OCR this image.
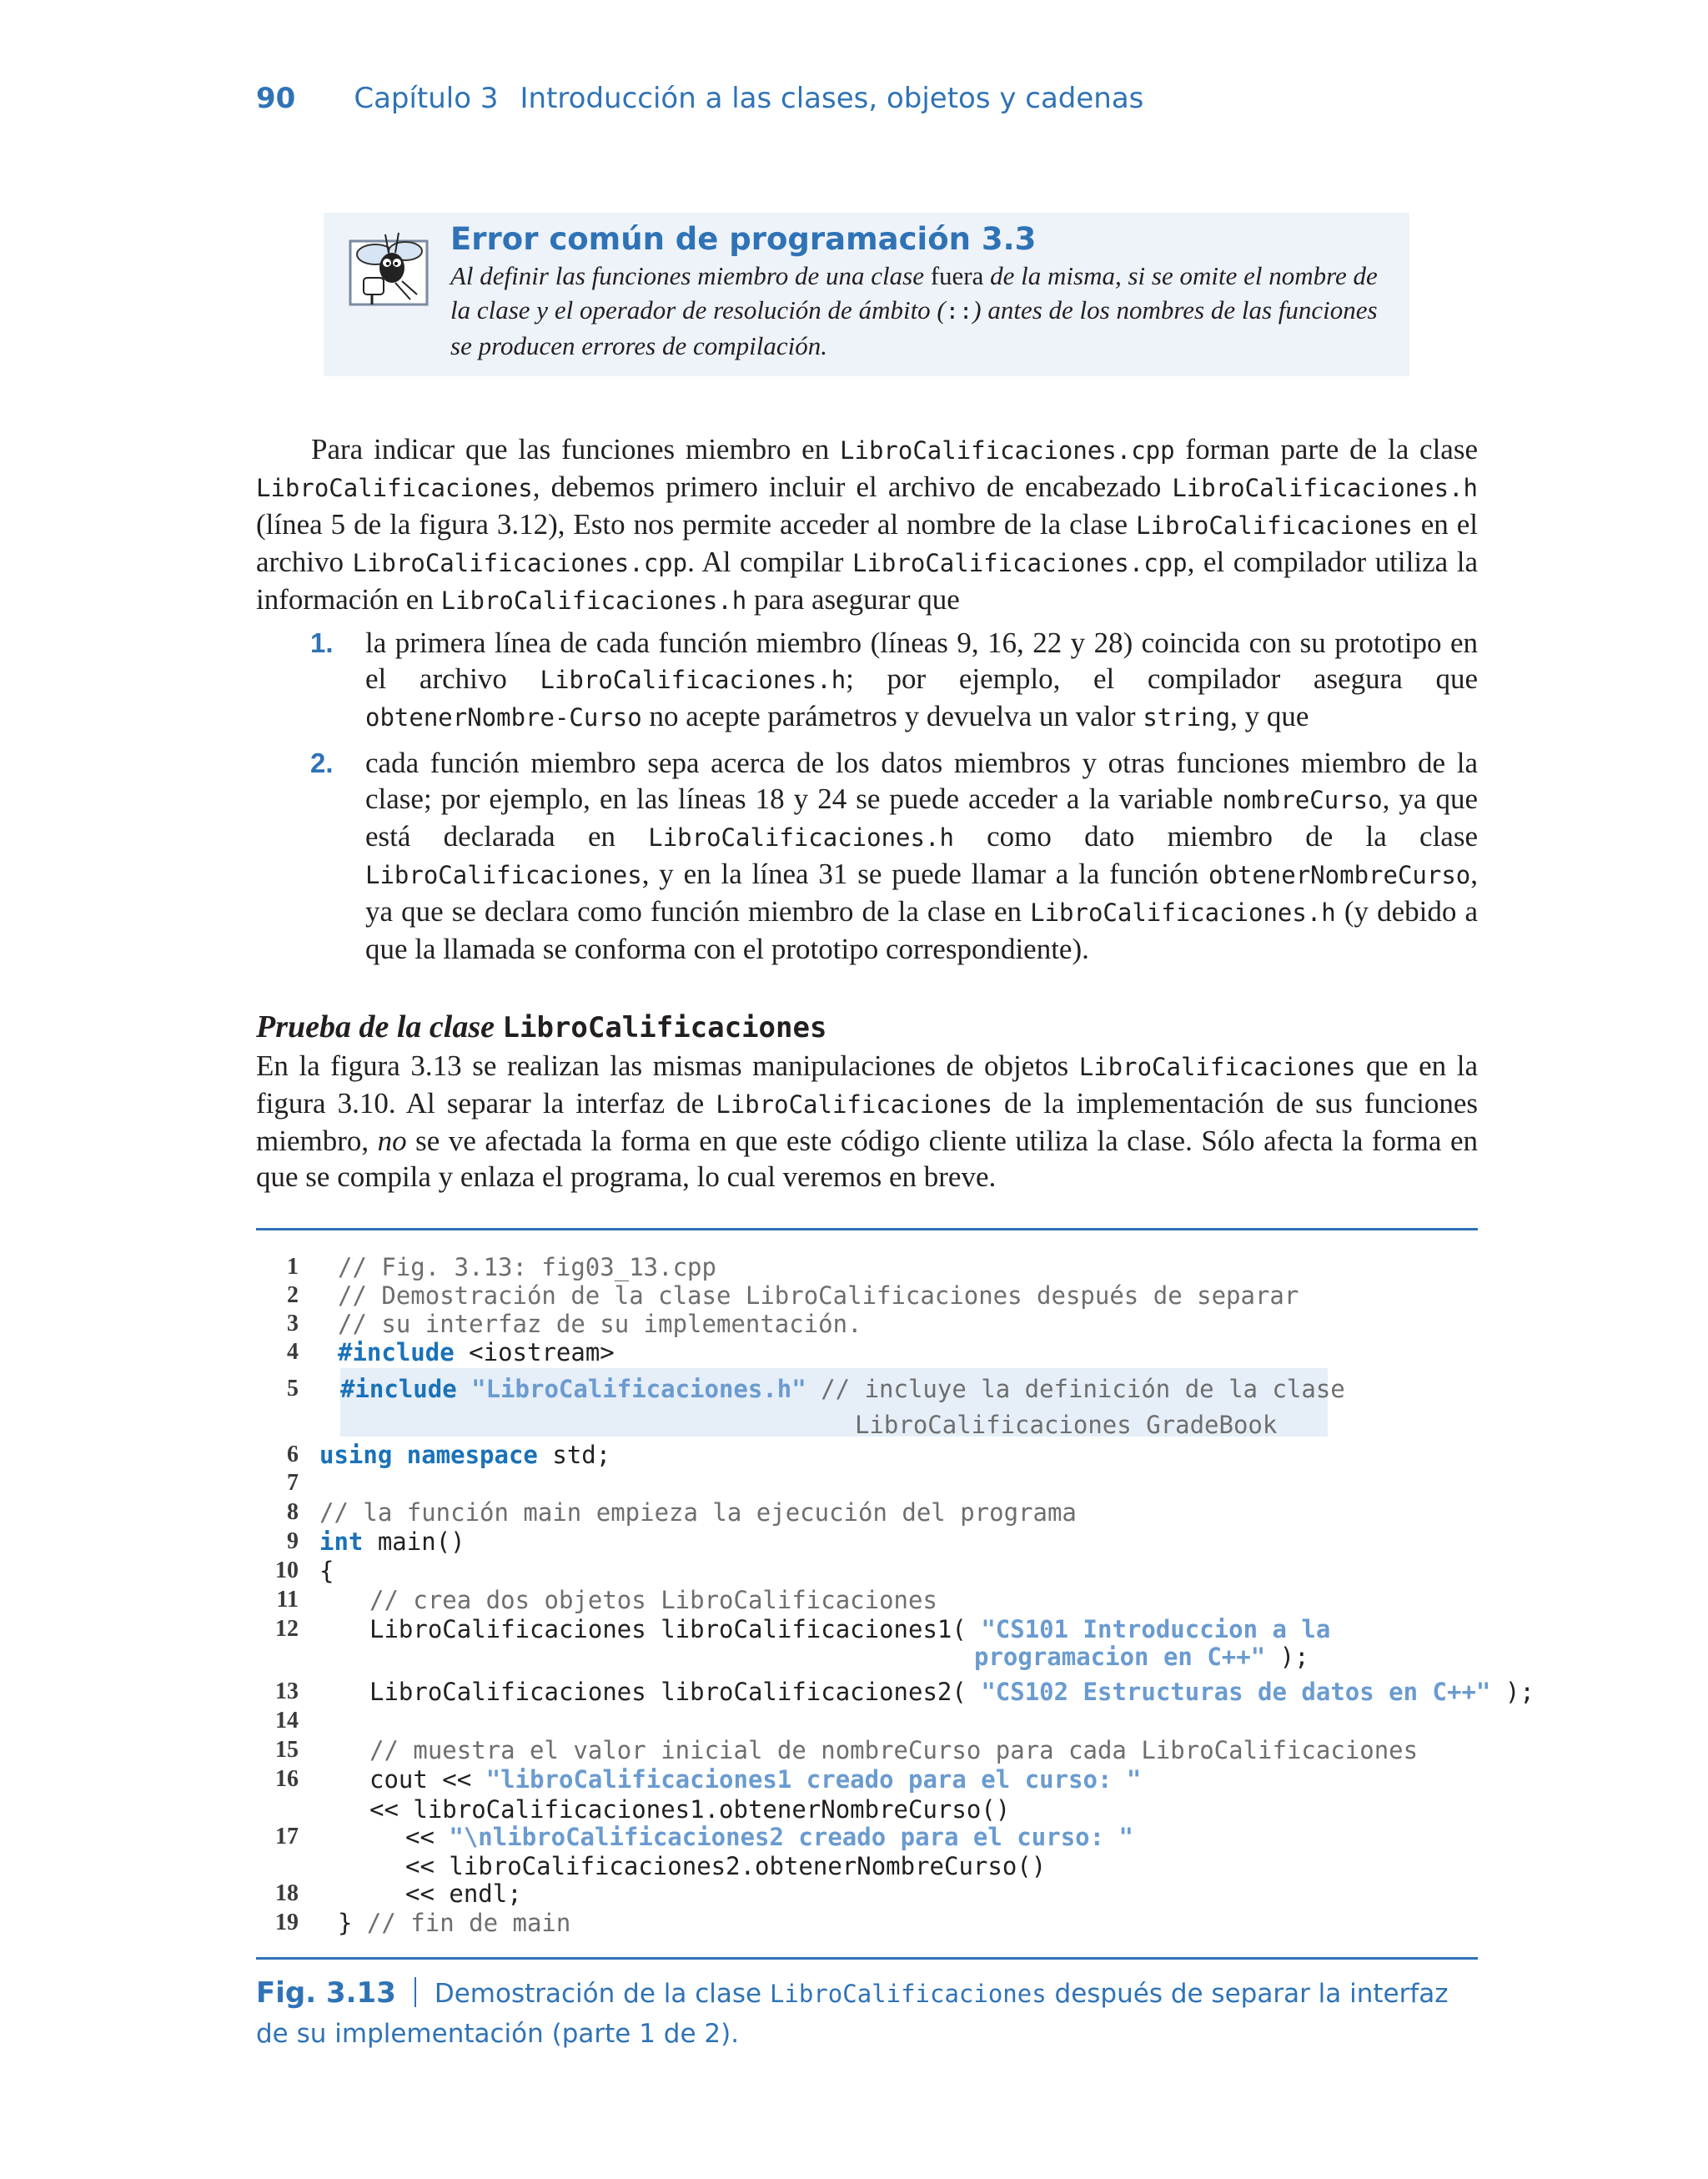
90 Capítulo 3 Introducción a las clases, objetos y cadenas
Error común de programación 3.3
Al definir las funciones miembro de una clase fuera de la misma, si se omite el nombre de la clase y el operador de resolución de ámbito (::) antes de los nombres de las funciones se producen errores de compilación.
Para indicar que las funciones miembro en LibroCalificaciones.cpp forman parte de la clase LibroCalificaciones, debemos primero incluir el archivo de encabezado LibroCalificaciones.h (línea 5 de la figura 3.12), Esto nos permite acceder al nombre de la clase LibroCalificaciones en el archivo LibroCalificaciones.cpp. Al compilar LibroCalificaciones.cpp, el compilador utiliza la información en LibroCalificaciones.h para asegurar que
1. la primera línea de cada función miembro (líneas 9, 16, 22 y 28) coincida con su prototipo en el archivo LibroCalificaciones.h; por ejemplo, el compilador asegura que obtenerNombre-Curso no acepte parámetros y devuelva un valor string, y que
2. cada función miembro sepa acerca de los datos miembros y otras funciones miembro de la clase; por ejemplo, en las líneas 18 y 24 se puede acceder a la variable nombreCurso, ya que está declarada en LibroCalificaciones.h como dato miembro de la clase LibroCalificaciones, y en la línea 31 se puede llamar a la función obtenerNombreCurso, ya que se declara como función miembro de la clase en LibroCalificaciones.h (y debido a que la llamada se conforma con el prototipo correspondiente).
Prueba de la clase LibroCalificaciones
En la figura 3.13 se realizan las mismas manipulaciones de objetos LibroCalificaciones que en la figura 3.10. Al separar la interfaz de LibroCalificaciones de la implementación de sus funciones miembro, no se ve afectada la forma en que este código cliente utiliza la clase. Sólo afecta la forma en que se compila y enlaza el programa, lo cual veremos en breve.
1 // Fig. 3.13: fig03_13.cpp
2 // Demostración de la clase LibroCalificaciones después de separar
3 // su interfaz de su implementación.
4 #include <iostream>
5 #include "LibroCalificaciones.h" // incluye la definición de la clase
LibroCalificaciones GradeBook
6 using namespace std;
7
8 // la función main empieza la ejecución del programa
9 int main()
10 {
11	// crea dos objetos LibroCalificaciones
12	LibroCalificaciones libroCalificaciones1( "CS101 Introduccion a la
programacion en C++" );
13	LibroCalificaciones libroCalificaciones2( "CS102 Estructuras de datos en C++" );
14
15	// muestra el valor inicial de nombreCurso para cada LibroCalificaciones
16	cout << "libroCalificaciones1 creado para el curso: "
<< libroCalificaciones1.obtenerNombreCurso()
17	<< "\nlibroCalificaciones2 creado para el curso: "
<< libroCalificaciones2.obtenerNombreCurso()
18	<< endl;
19 } // fin de main
Fig. 3.13 Demostración de la clase LibroCalificaciones después de separar la interfaz de su implementación (parte 1 de 2).
